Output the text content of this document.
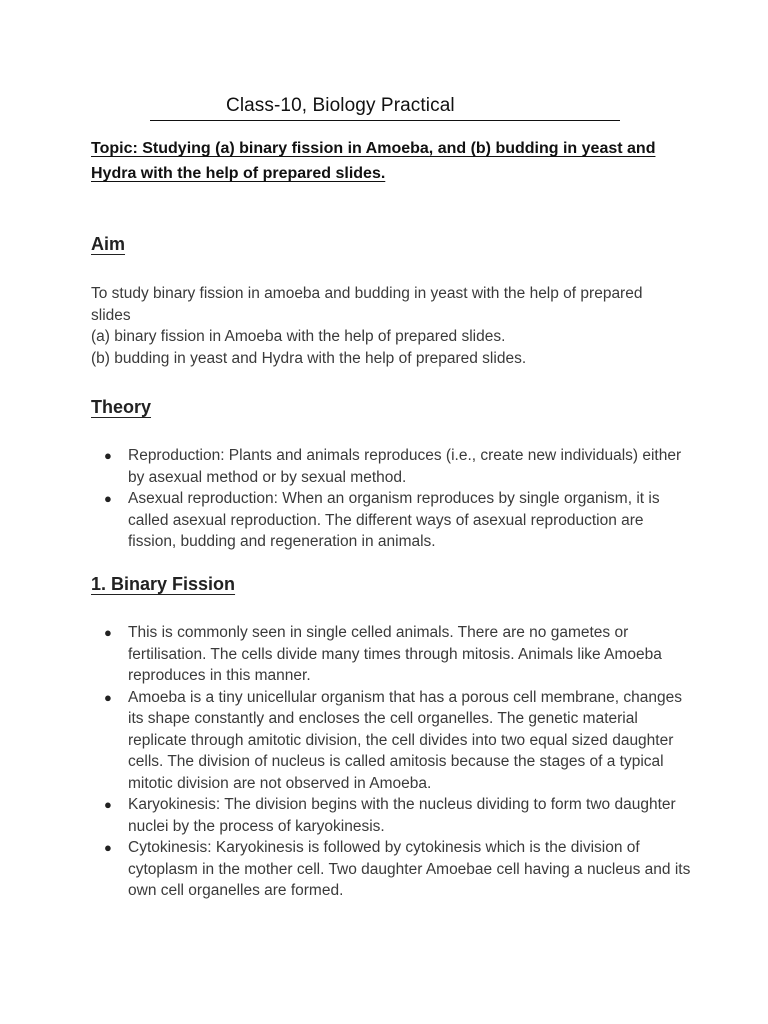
Class-10, Biology Practical
Topic: Studying (a) binary fission in Amoeba, and (b) budding in yeast and Hydra with the help of prepared slides.
Aim

To study binary fission in amoeba and budding in yeast with the help of prepared slides

(a) binary fission in Amoeba with the help of prepared slides.

(b) budding in yeast and Hydra with the help of prepared slides.

Theory
● Reproduction: Plants and animals reproduces (i.e., create new individuals) either by asexual method or by sexual method.
● Asexual reproduction: When an organism reproduces by single organism, it is called asexual reproduction. The different ways of asexual reproduction are fission, budding and regeneration in animals.
1. Binary Fission
● This is commonly seen in single celled animals. There are no gametes or fertilisation. The cells divide many times through mitosis. Animals like Amoeba reproduces in this manner.
● Amoeba is a tiny unicellular organism that has a porous cell membrane, changes its shape constantly and encloses the cell organelles. The genetic material replicate through amitotic division, the cell divides into two equal sized daughter cells. The division of nucleus is called amitosis because the stages of a typical mitotic division are not observed in Amoeba.
● Karyokinesis: The division begins with the nucleus dividing to form two daughter nuclei by the process of karyokinesis.
● Cytokinesis: Karyokinesis is followed by cytokinesis which is the division of cytoplasm in the mother cell. Two daughter Amoebae cell having a nucleus and its own cell organelles are formed.
